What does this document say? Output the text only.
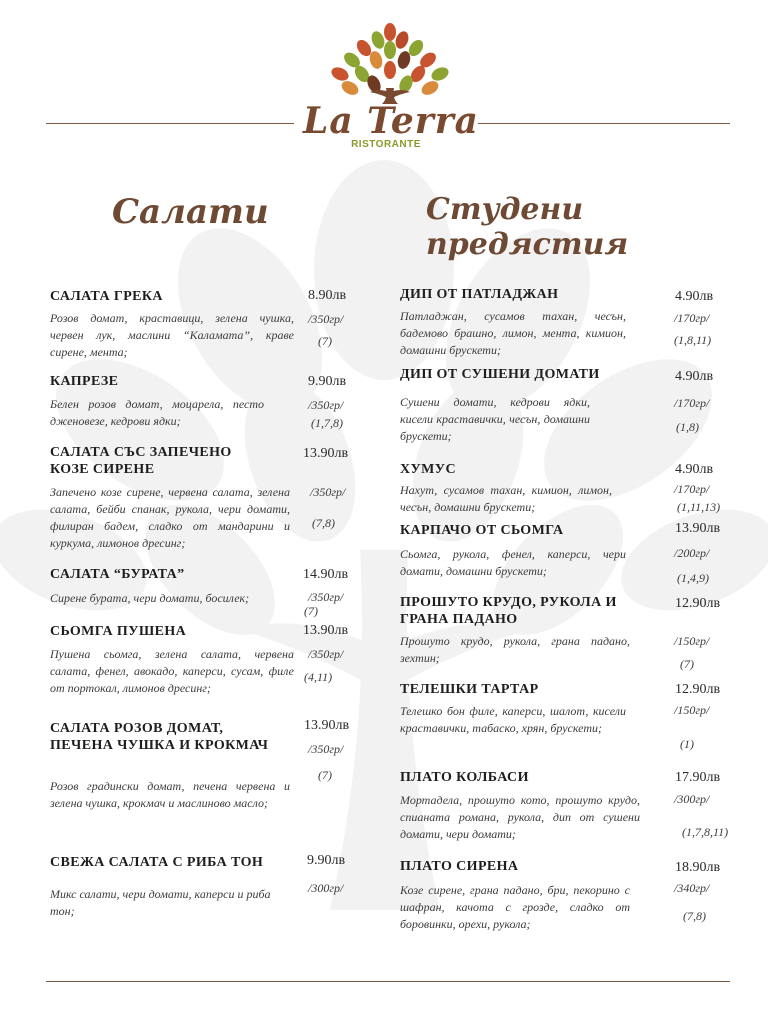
La Terra
RISTORANTE
Салати	Студени предястия
САЛАТА ГРЕКА	8.90лв
Розов домат, краставици, зелена чушка, червен лук, маслини “Каламата”, краве сирене, мента;
/350гр/
(7)
КАПРЕЗЕ	9.90лв
Белен розов домат, моцарела, песто дженовезе, кедрови ядки;
/350гр/
(1,7,8)
САЛАТА СЪС ЗАПЕЧЕНО КОЗЕ СИРЕНЕ
13.90лв
Запечено козе сирене, червена салата, зелена салата, бейби спанак, рукола, чери домати, филиран бадем, сладко от мандарини и куркума, лимонов дресинг;
/350гр/
(7,8)
САЛАТА “БУРАТА”	14.90лв
Сирене бурата, чери домати, босилек;	/350гр/
(7)
СЬОМГА ПУШЕНА	13.90лв
Пушена сьомга, зелена салата, червена салата, фенел, авокадо, каперси, сусам, филе от портокал, лимонов дресинг;
/350гр/
(4,11)
САЛАТА РОЗОВ ДОМАТ, ПЕЧЕНА ЧУШКА И КРОКМАЧ
13.90лв
/350гр/
(7)
Розов градински домат, печена червена и зелена чушка, крокмач и маслиново масло;
СВЕЖА САЛАТА С РИБА ТОН	9.90лв
Микс салати, чери домати, каперси и риба тон;
/300гр/
ДИП ОТ ПАТЛАДЖАН	4.90лв
Патладжан, сусамов тахан, чесън, бадемово брашно, лимон, мента, кимион, домашни брускети;
/170гр/
(1,8,11)
ДИП ОТ СУШЕНИ ДОМАТИ	4.90лв
Сушени домати, кедрови ядки, кисели краставички, чесън, домашни брускети;
/170гр/
(1,8)
ХУМУС	4.90лв
Нахут, сусамов тахан, кимион, лимон, чесън, домашни брускети;
/170гр/
(1,11,13)
КАРПАЧО ОТ СЬОМГА	13.90лв
Сьомга, рукола, фенел, каперси, чери домати, домашни брускети;
/200гр/
(1,4,9)
ПРОШУТО КРУДО, РУКОЛА И ГРАНА ПАДАНО
12.90лв
Прошуто крудо, рукола, грана падано, зехтин;
/150гр/
(7)
ТЕЛЕШКИ ТАРТАР	12.90лв
Телешко бон филе, каперси, шалот, кисели краставички, табаско, хрян, брускети;
/150гр/
(1)
ПЛАТО КОЛБАСИ	17.90лв
Мортадела, прошуто кото, прошуто крудо, спианата романа, рукола, дип от сушени домати, чери домати;
/300гр/
(1,7,8,11)
ПЛАТО СИРЕНА	18.90лв
Козе сирене, грана падано, бри, пекорино с шафран, качота с грозде, сладко от боровинки, орехи, рукола;
/340гр/
(7,8)
